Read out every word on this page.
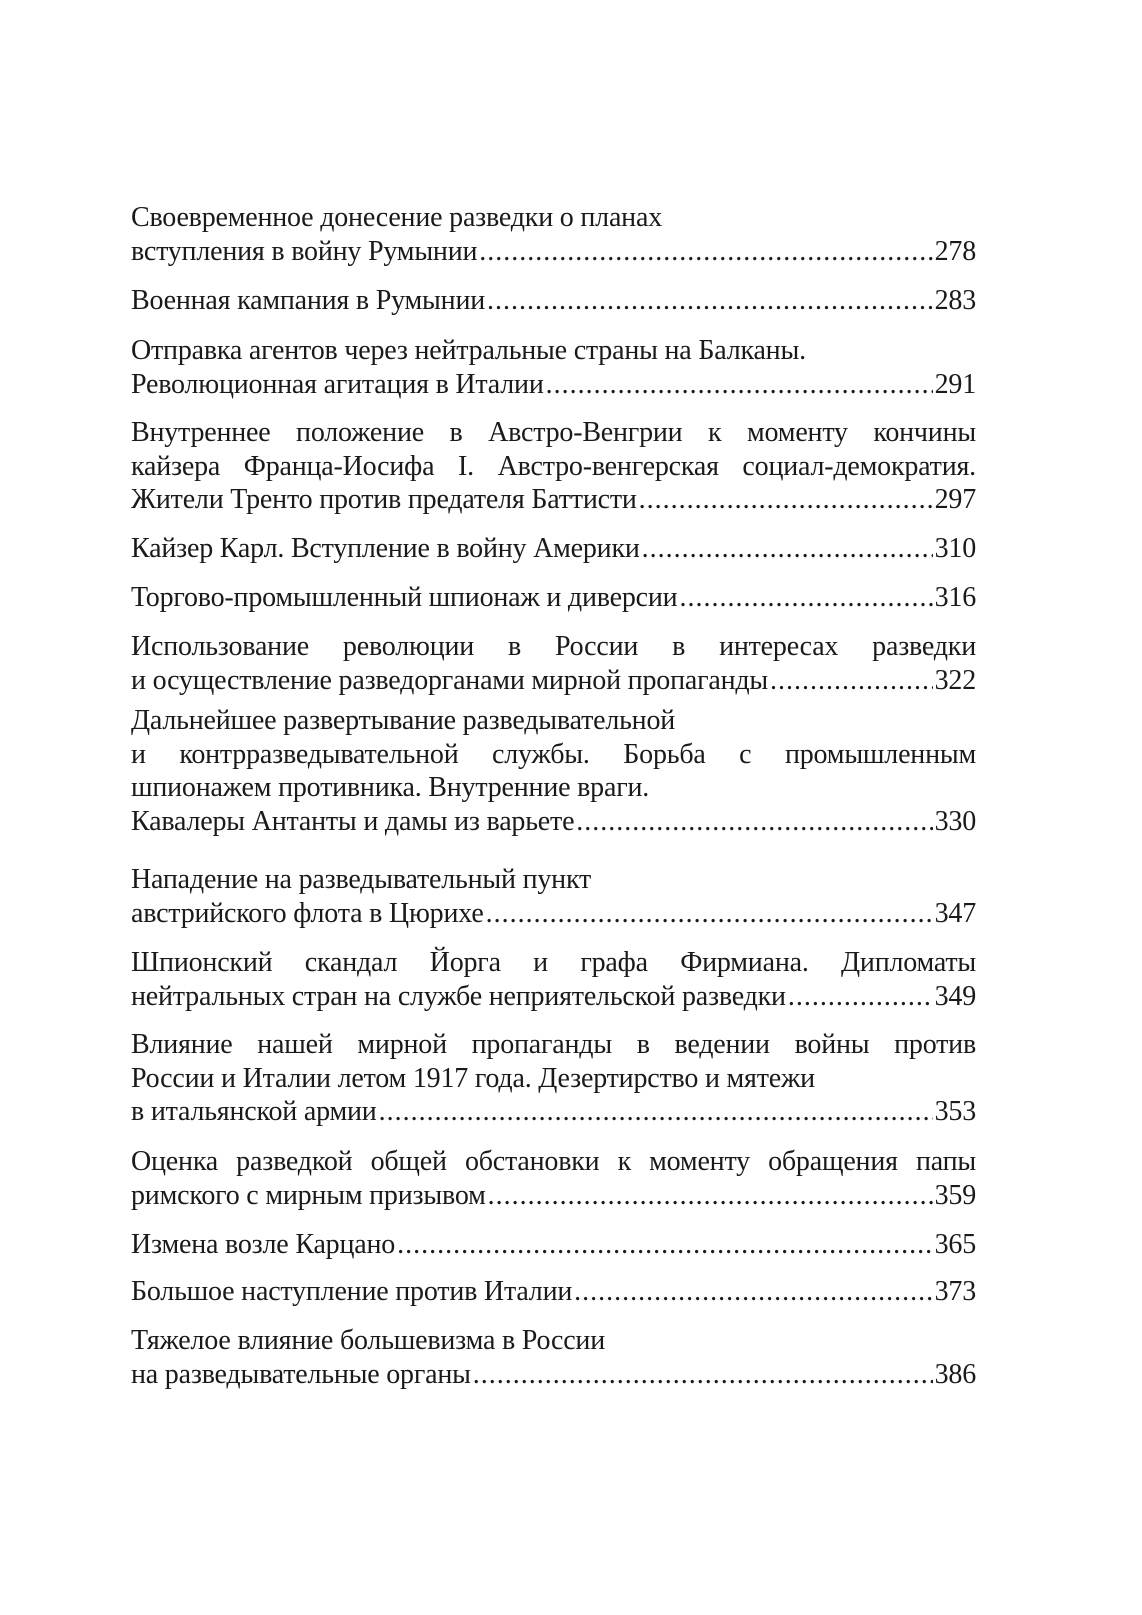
Своевременное донесение разведки о планах
вступления в войну Румынии .....	278
Военная кампания в Румынии .....	283
Отправка агентов через нейтральные страны на Балканы.
Революционная агитация в Италии .....	291
Внутреннее положение в Австро-Венгрии к моменту кончины
кайзера Франца-Иосифа I. Австро-венгерская социал-демократия.
Жители Тренто против предателя Баттисти .....	297
Кайзер Карл. Вступление в войну Америки .....	310
Торгово-промышленный шпионаж и диверсии .....	316
Использование революции в России в интересах разведки
и осуществление разведорганами мирной пропаганды .....	322
Дальнейшее развертывание разведывательной
и контрразведывательной службы. Борьба с промышленным
шпионажем противника. Внутренние враги.
Кавалеры Антанты и дамы из варьете .....	330
Нападение на разведывательный пункт
австрийского флота в Цюрихе .....	347
Шпионский скандал Йорга и графа Фирмиана. Дипломаты
нейтральных стран на службе неприятельской разведки .....	349
Влияние нашей мирной пропаганды в ведении войны против
России и Италии летом 1917 года. Дезертирство и мятежи
в итальянской армии .....	353
Оценка разведкой общей обстановки к моменту обращения папы
римского с мирным призывом .....	359
Измена возле Карцано .....	365
Большое наступление против Италии .....	373
Тяжелое влияние большевизма в России
на разведывательные органы .....	386
